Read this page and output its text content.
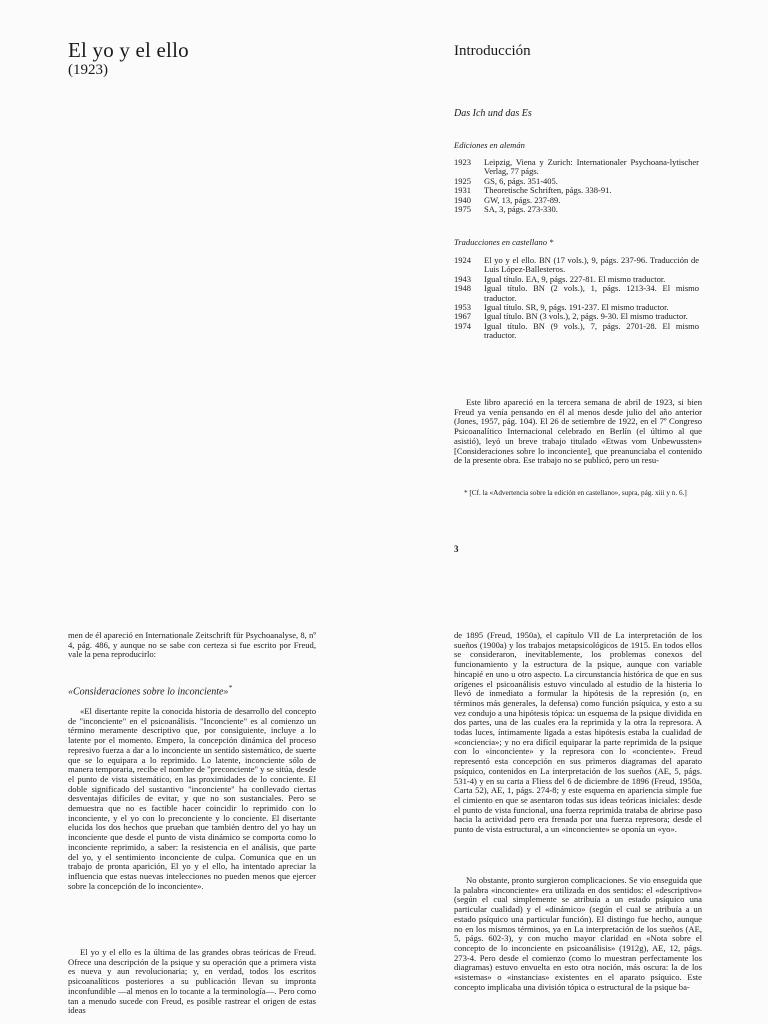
El yo y el ello
(1923)
Introducción
Das Ich und das Es
Ediciones en alemán
1923	Leipzig, Viena y Zurich: Internationaler Psychoana-lytischer Verlag, 77 págs.
1925	GS, 6, págs. 351-405.
1931	Theoretische Schriften, págs. 338-91.
1940	GW, 13, págs. 237-89.
1975	SA, 3, págs. 273-330.
Traducciones en castellano *
1924	El yo y el ello. BN (17 vols.), 9, págs. 237-96. Traducción de Luis López-Ballesteros.
1943	Igual título. EA, 9, págs. 227-81. El mismo traductor.
1948	Igual título. BN (2 vols.), 1, págs. 1213-34. El mismo traductor.
1953	Igual título. SR, 9, págs. 191-237. El mismo traductor.
1967	Igual título. BN (3 vols.), 2, págs. 9-30. El mismo traductor.
1974	Igual título. BN (9 vols.), 7, págs. 2701-28. El mismo traductor.
Este libro apareció en la tercera semana de abril de 1923, si bien Freud ya venía pensando en él al menos desde julio del año anterior (Jones, 1957, pág. 104). El 26 de setiembre de 1922, en el 7º Congreso Psicoanalítico Internacional celebrado en Berlín (el último al que asistió), leyó un breve trabajo titulado «Etwas vom Unbewussten» [Consideraciones sobre lo inconciente], que preanunciaba el contenido de la presente obra. Ese trabajo no se publicó, pero un resu-
* [Cf. la «Advertencia sobre la edición en castellano», supra, pág. xiii y n. 6.]
3
men de él apareció en Internationale Zeitschrift für Psychoanalyse, 8, nº 4, pág. 486, y aunque no se sabe con certeza si fue escrito por Freud, vale la pena reproducirlo:
«Consideraciones sobre lo inconciente»*
«El disertante repite la conocida historia de desarrollo del concepto de "inconciente" en el psicoanálisis. "Inconciente" es al comienzo un término meramente descriptivo que, por consiguiente, incluye a lo latente por el momento. Empero, la concepción dinámica del proceso represivo fuerza a dar a lo inconciente un sentido sistemático, de suerte que se lo equipara a lo reprimido. Lo latente, inconciente sólo de manera temporaria, recibe el nombre de "preconciente" y se sitúa, desde el punto de vista sistemático, en las proximidades de lo conciente. El doble significado del sustantivo "inconciente" ha conllevado ciertas desventajas difíciles de evitar, y que no son sustanciales. Pero se demuestra que no es factible hacer coincidir lo reprimido con lo inconciente, y el yo con lo preconciente y lo conciente. El disertante elucida los dos hechos que prueban que también dentro del yo hay un inconciente que desde el punto de vista dinámico se comporta como lo inconciente reprimido, a saber: la resistencia en el análisis, que parte del yo, y el sentimiento inconciente de culpa. Comunica que en un trabajo de pronta aparición, El yo y el ello, ha intentado apreciar la influencia que estas nuevas intelecciones no pueden menos que ejercer sobre la concepción de lo inconciente».
El yo y el ello es la última de las grandes obras teóricas de Freud. Ofrece una descripción de la psique y su operación que a primera vista es nueva y aun revolucionaria; y, en verdad, todos los escritos psicoanalíticos posteriores a su publicación llevan su impronta inconfundible —al menos en lo tocante a la terminología—. Pero como tan a menudo sucede con Freud, es posible rastrear el origen de estas ideas
de 1895 (Freud, 1950a), el capítulo VII de La interpretación de los sueños (1900a) y los trabajos metapsicológicos de 1915. En todos ellos se consideraron, inevitablemente, los problemas conexos del funcionamiento y la estructura de la psique, aunque con variable hincapié en uno u otro aspecto. La circunstancia histórica de que en sus orígenes el psicoanálisis estuvo vinculado al estudio de la histeria lo llevó de inmediato a formular la hipótesis de la represión (o, en términos más generales, la defensa) como función psíquica, y esto a su vez condujo a una hipótesis tópica: un esquema de la psique dividida en dos partes, una de las cuales era la reprimida y la otra la represora. A todas luces, íntimamente ligada a estas hipótesis estaba la cualidad de «conciencia»; y no era difícil equiparar la parte reprimida de la psique con lo «inconciente» y la represora con lo «conciente». Freud representó esta concepción en sus primeros diagramas del aparato psíquico, contenidos en La interpretación de los sueños (AE, 5, págs. 531-4) y en su carta a Fliess del 6 de diciembre de 1896 (Freud, 1950a, Carta 52), AE, 1, págs. 274-8; y este esquema en apariencia simple fue el cimiento en que se asentaron todas sus ideas teóricas iniciales: desde el punto de vista funcional, una fuerza reprimida trataba de abrirse paso hacia la actividad pero era frenada por una fuerza represora; desde el punto de vista estructural, a un «inconciente» se oponía un «yo».
No obstante, pronto surgieron complicaciones. Se vio enseguida que la palabra «inconciente» era utilizada en dos sentidos: el «descriptivo» (según el cual simplemente se atribuía a un estado psíquico una particular cualidad) y el «dinámico» (según el cual se atribuía a un estado psíquico una particular función). El distingo fue hecho, aunque no en los mismos términos, ya en La interpretación de los sueños (AE, 5, págs. 602-3), y con mucho mayor claridad en «Nota sobre el concepto de lo inconciente en psicoanálisis» (1912g), AE, 12, págs. 273-4. Pero desde el comienzo (como lo muestran perfectamente los diagramas) estuvo envuelta en esto otra noción, más oscura: la de los «sistemas» o «instancias» existentes en el aparato psíquico. Este concepto implicaba una división tópica o estructural de la psique ba-
